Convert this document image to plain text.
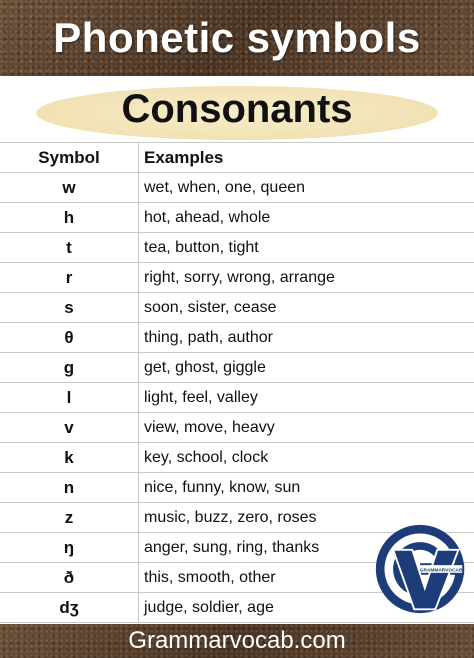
Phonetic symbols
Consonants
Symbol	Examples
w	wet, when, one, queen
h	hot, ahead, whole
t	tea, button, tight
r	right, sorry, wrong, arrange
s	soon, sister, cease
θ	thing, path, author
g	get, ghost, giggle
l	light, feel, valley
v	view, move, heavy
k	key, school, clock
n	nice, funny, know, sun
z	music, buzz, zero, roses
ŋ	anger, sung, ring, thanks
ð	this, smooth, other
dʒ	judge, soldier, age
GRAMMARVOCAB
Grammarvocab.com
